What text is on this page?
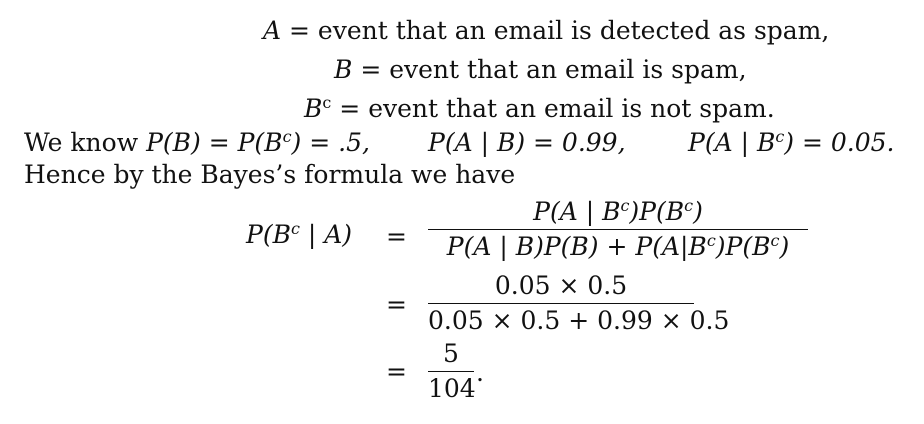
A = event that an email is detected as spam,
B = event that an email is spam,
$B^c$ = event that an email is not spam.
We know $P(B) = P(B^c) = .5$, P(A | B) = 0.99, P(A | $B^c) = 0.05$.
Hence by the Bayes’s formula we have
$P(B^c$ | A) =
=
=
P(A | $B^c)P(B^c)$
P(A | $B)P(B) + P(A|B^c)P(B^c)$
0.05 × 0.5
0.05 × 0.5 + 0.99 × 0.5
5
104
.
